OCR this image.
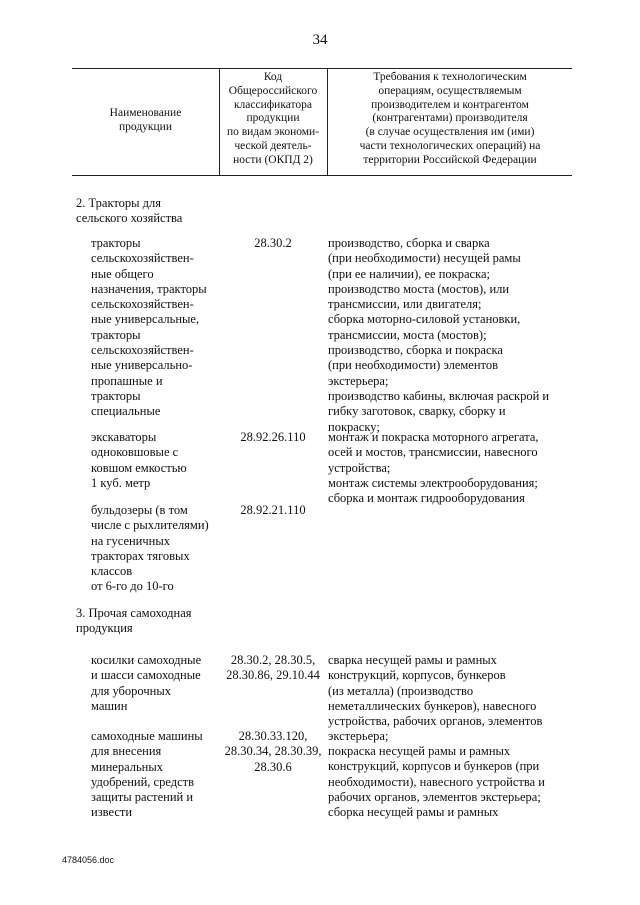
34
Наименование
продукции
Код
Общероссийского
классификатора
продукции
по видам экономи-
ческой деятель-
ности (ОКПД 2)
Требования к технологическим
операциям, осуществляемым
производителем и контрагентом
(контрагентами) производителя
(в случае осуществления им (ими)
части технологических операций) на
территории Российской Федерации
2. Тракторы для
сельского хозяйства
тракторы
сельскохозяйствен-
ные общего
назначения, тракторы
сельскохозяйствен-
ные универсальные,
тракторы
сельскохозяйствен-
ные универсально-
пропашные и
тракторы
специальные
28.30.2	производство, сборка и сварка
(при необходимости) несущей рамы
(при ее наличии), ее покраска;
производство моста (мостов), или
трансмиссии, или двигателя;
сборка моторно-силовой установки,
трансмиссии, моста (мостов);
производство, сборка и покраска
(при необходимости) элементов
экстерьера;
производство кабины, включая раскрой и
гибку заготовок, сварку, сборку и
покраску;
экскаваторы
одноковшовые с
ковшом емкостью
1 куб. метр
28.92.26.110	монтаж и покраска моторного агрегата,
осей и мостов, трансмиссии, навесного
устройства;
монтаж системы электрооборудования;
сборка и монтаж гидрооборудования
бульдозеры (в том
числе с рыхлителями)
на гусеничных
тракторах тяговых
классов
от 6-го до 10-го
28.92.21.110
3. Прочая самоходная
продукция
косилки самоходные
и шасси самоходные
для уборочных
машин
28.30.2, 28.30.5,
28.30.86, 29.10.44
сварка несущей рамы и рамных
конструкций, корпусов, бункеров
(из металла) (производство
неметаллических бункеров), навесного
устройства, рабочих органов, элементов
экстерьера;
самоходные машины
для внесения
минеральных
удобрений, средств
защиты растений и
извести
28.30.33.120,
28.30.34, 28.30.39,
28.30.6
покраска несущей рамы и рамных
конструкций, корпусов и бункеров (при
необходимости), навесного устройства и
рабочих органов, элементов экстерьера;
сборка несущей рамы и рамных
4784056.doc
